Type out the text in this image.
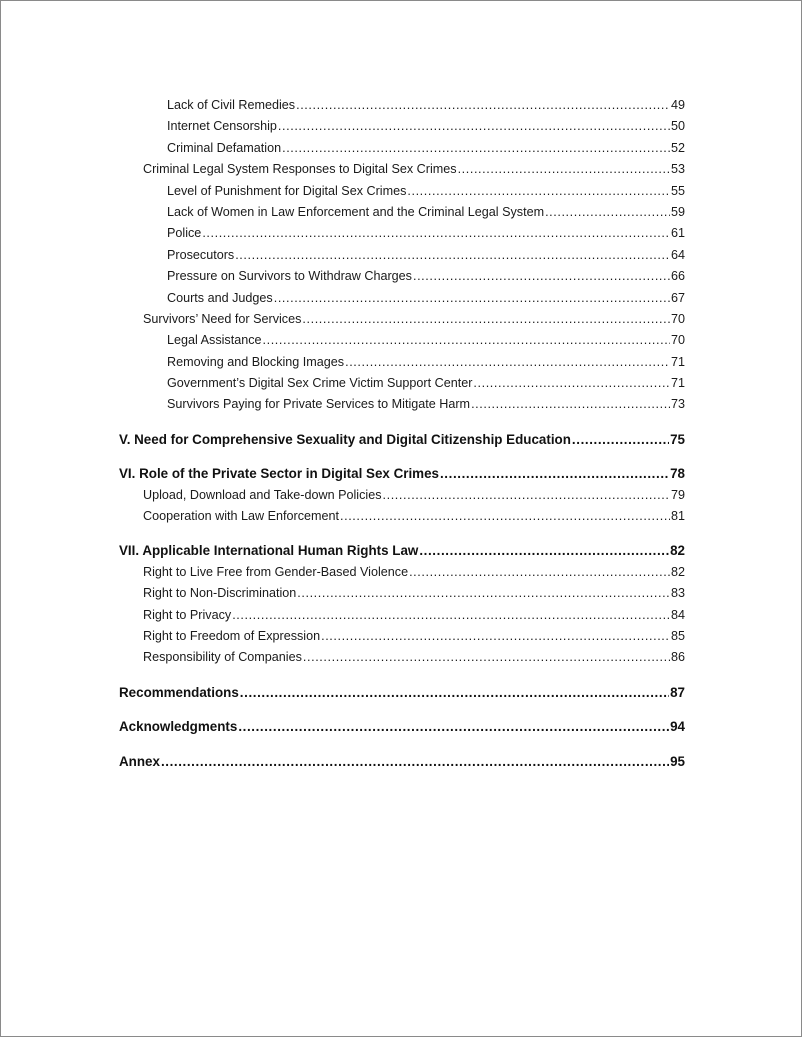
Lack of Civil Remedies .....	49
Internet Censorship .....	50
Criminal Defamation .....	52
Criminal Legal System Responses to Digital Sex Crimes .....	53
Level of Punishment for Digital Sex Crimes .....	55
Lack of Women in Law Enforcement and the Criminal Legal System .....	59
Police .....	61
Prosecutors .....	64
Pressure on Survivors to Withdraw Charges .....	66
Courts and Judges .....	67
Survivors’ Need for Services .....	70
Legal Assistance .....	70
Removing and Blocking Images .....	71
Government’s Digital Sex Crime Victim Support Center .....	71
Survivors Paying for Private Services to Mitigate Harm .....	73
V. Need for Comprehensive Sexuality and Digital Citizenship Education .....	75
VI. Role of the Private Sector in Digital Sex Crimes .....	78
Upload, Download and Take-down Policies .....	79
Cooperation with Law Enforcement .....	81
VII. Applicable International Human Rights Law .....	82
Right to Live Free from Gender-Based Violence .....	82
Right to Non-Discrimination .....	83
Right to Privacy .....	84
Right to Freedom of Expression .....	85
Responsibility of Companies .....	86
Recommendations .....	87
Acknowledgments .....	94
Annex .....	95
